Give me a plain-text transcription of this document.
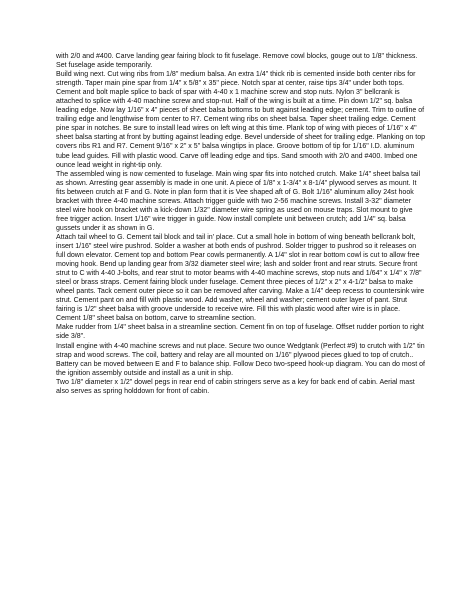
with 2/0 and #400. Carve landing gear fairing block to fit fuselage. Remove cowl blocks, gouge out to 1/8" thickness. Set fuselage aside temporarily.

Build wing next. Cut wing ribs from 1/8" medium balsa. An extra 1/4" thick rib is cemented inside both center ribs for strength. Taper main pine spar from 1/4" x 5/8" x 35" piece. Notch spar at center, raise tips 3/4" under both tops. Cement and bolt maple splice to back of spar with 4-40 x 1 machine screw and stop nuts. Nylon 3" bellcrank is attached to splice with 4-40 machine screw and stop-nut. Half of the wing is built at a time. Pin down 1/2" sq. balsa leading edge. Now lay 1/16" x 4" pieces of sheet balsa bottoms to butt against leading edge; cement. Trim to outline of trailing edge and lengthwise from center to R7. Cement wing ribs on sheet balsa. Taper sheet trailing edge. Cement pine spar in notches. Be sure to install lead wires on left wing at this time. Plank top of wing with pieces of 1/16" x 4" sheet balsa starting at front by butting against leading edge. Bevel underside of sheet for trailing edge. Planking on top covers ribs R1 and R7. Cement 9/16" x 2" x 5" balsa wingtips in place. Groove bottom of tip for 1/16" I.D. aluminum tube lead guides. Fill with plastic wood. Carve off leading edge and tips. Sand smooth with 2/0 and #400. Imbed one ounce lead weight in right-tip only.

The assembled wing is now cemented to fuselage. Main wing spar fits into notched crutch. Make 1/4" sheet balsa tail as shown. Arresting gear assembly is made in one unit. A piece of 1/8" x 1-3/4" x 8-1/4" plywood serves as mount. It fits between crutch at F and G. Note in plan form that it is Vee shaped aft of G. Bolt 1/16" aluminum alloy 24st hook bracket with three 4-40 machine screws. Attach trigger guide with two 2-56 machine screws. Install 3-32" diameter steel wire hook on bracket with a kick-down 1/32" diameter wire spring as used on mouse traps. Slot mount to give free trigger action. Insert 1/16" wire trigger in guide. Now install complete unit between crutch; add 1/4" sq. balsa gussets under it as shown in G.

Attach tail wheel to G. Cement tail block and tail in' place. Cut a small hole in bottom of wing beneath bellcrank bolt, insert 1/16" steel wire pushrod. Solder a washer at both ends of pushrod. Solder trigger to pushrod so it releases on full down elevator. Cement top and bottom Pear cowls permanently. A 1/4" slot in rear bottom cowl is cut to allow free moving hook. Bend up landing gear from 3/32 diameter steel wire; lash and solder front and rear struts. Secure front strut to C with 4-40 J-bolts, and rear strut to motor beams with 4-40 machine screws, stop nuts and 1/64" x 1/4" x 7/8" steel or brass straps. Cement fairing block under fuselage. Cement three pieces of 1/2" x 2" x 4-1/2" balsa to make wheel pants. Tack cement outer piece so it can be removed after carving. Make a 1/4" deep recess to countersink wire strut. Cement pant on and fill with plastic wood. Add washer, wheel and washer; cement outer layer of pant. Strut fairing is 1/2" sheet balsa with groove underside to receive wire. Fill this with plastic wood after wire is in place. Cement 1/8" sheet balsa on bottom, carve to streamline section.

Make rudder from 1/4" sheet balsa in a streamline section. Cement fin on top of fuselage. Offset rudder portion to right side 3/8".

Install engine with 4-40 machine screws and nut place. Secure two ounce Wedgtank (Perfect #9) to crutch with 1/2" tin strap and wood screws. The coil, battery and relay are all mounted on 1/16" plywood pieces glued to top of crutch.. Battery can be moved between E and F to balance ship. Follow Deco two-speed hook-up diagram. You can do most of the ignition assembly outside and install as a unit in ship.

Two 1/8" diameter x 1/2" dowel pegs in rear end of cabin stringers serve as a key for back end of cabin. Aerial mast also serves as spring holddown for front of cabin.
